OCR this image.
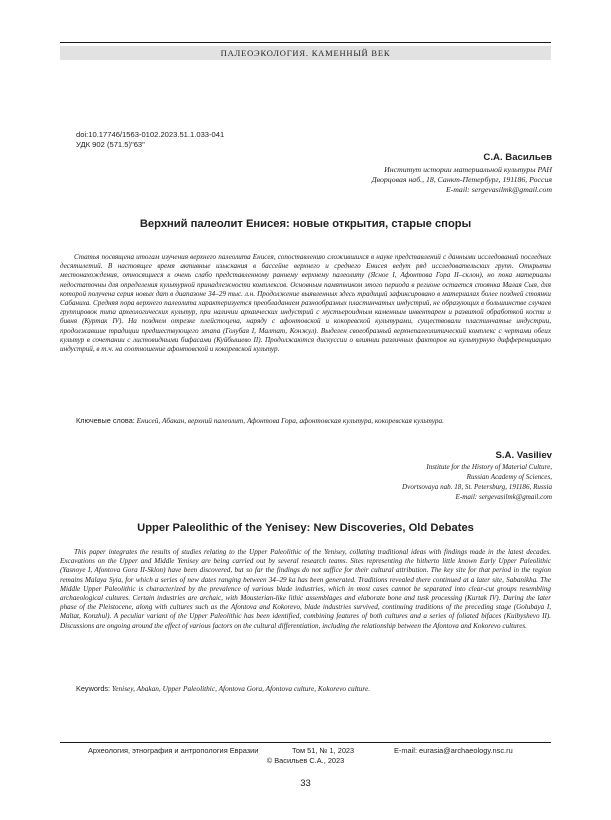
ПАЛЕОЭКОЛОГИЯ. КАМЕННЫЙ ВЕК
doi:10.17746/1563-0102.2023.51.1.033-041
УДК 902 (571.5)"63"
С.А. Васильев
Институт истории материальной культуры РАН
Дворцовая наб., 18, Санкт-Петербург, 191186, Россия
E-mail: sergevasilmk@gmail.com
Верхний палеолит Енисея: новые открытия, старые споры

Статья посвящена итогам изучения верхнего палеолита Енисея, сопоставлению сложившихся в науке представлений с данными исследований последних десятилетий. В настоящее время активные изыскания в бассейне верхнего и среднего Енисея ведут ряд исследовательских групп. Открыты местонахождения, относящиеся к очень слабо представленному раннему верхнему палеолиту (Ясное I, Афонтова Гора II–склон), но пока материалы недостаточны для определения культурной принадлежности комплексов. Основным памятником этого периода в регионе остается стоянка Малая Сыя, для которой получена серия новых дат в диапазоне 34–29 тыс. л.н. Продолжение выявленных здесь традиций зафиксировано в материалах более поздней стоянки Сабаниха. Средняя пора верхнего палеолита характеризуется преобладанием разнообразных пластинчатых индустрий, не образующих в большинстве случаев группировок типа археологических культур, при наличии архаических индустрий с мустьероидным каменным инвентарем и развитой обработкой кости и бивня (Куртак IV). На позднем отрезке плейстоцена, наряду с афонтовской и кокоревской культурами, существовали пластинчатые индустрии, продолжавшие традиции предшествующего этапа (Голубая I, Малтат, Конжул). Выделен своеобразный верхнепалеолитический комплекс с чертами обеих культур в сочетании с листовидными бифасами (Куйбышево II). Продолжаются дискуссии о влиянии различных факторов на культурную дифференциацию индустрий, в т.ч. на соотношение афонтовской и кокоревской культур.

Ключевые слова: Енисей, Абакан, верхний палеолит, Афонтова Гора, афонтовская культура, кокоревская культура.
S.A. Vasiliev
Institute for the History of Material Culture,
Russian Academy of Sciences,
Dvortsovaya nab. 18, St. Petersburg, 191186, Russia
E-mail: sergevasilmk@gmail.com
Upper Paleolithic of the Yenisey: New Discoveries, Old Debates

This paper integrates the results of studies relating to the Upper Paleolithic of the Yenisey, collating traditional ideas with findings made in the latest decades. Excavations on the Upper and Middle Yenisey are being carried out by several research teams. Sites representing the hitherto little known Early Upper Paleolithic (Yasnoye I, Afontova Gora II-Sklon) have been discovered, but so far the findings do not suffice for their cultural attribution. The key site for that period in the region remains Malaya Syia, for which a series of new dates ranging between 34–29 ka has been generated. Traditions revealed there continued at a later site, Sabanikha. The Middle Upper Paleolithic is characterized by the prevalence of various blade industries, which in most cases cannot be separated into clear-cut groups resembling archaeological cultures. Certain industries are archaic, with Mousterian-like lithic assemblages and elaborate bone and tusk processing (Kurtak IV). During the later phase of the Pleistocene, along with cultures such as the Afontova and Kokorevo, blade industries survived, continuing traditions of the preceding stage (Golubaya I, Maltat, Konzhul). A peculiar variant of the Upper Paleolithic has been identified, combining features of both cultures and a series of foliated bifaces (Kuibyshevo II). Discussions are ongoing around the effect of various factors on the cultural differentiation, including the relationship between the Afontova and Kokorevo cultures.

Keywords: Yenisey, Abakan, Upper Paleolithic, Afontova Gora, Afontova culture, Kokorevo culture.
Археология, этнография и антропология Евразии	Том 51, № 1, 2023	E-mail: eurasia@archaeology.nsc.ru
© Васильев С.А., 2023
33
